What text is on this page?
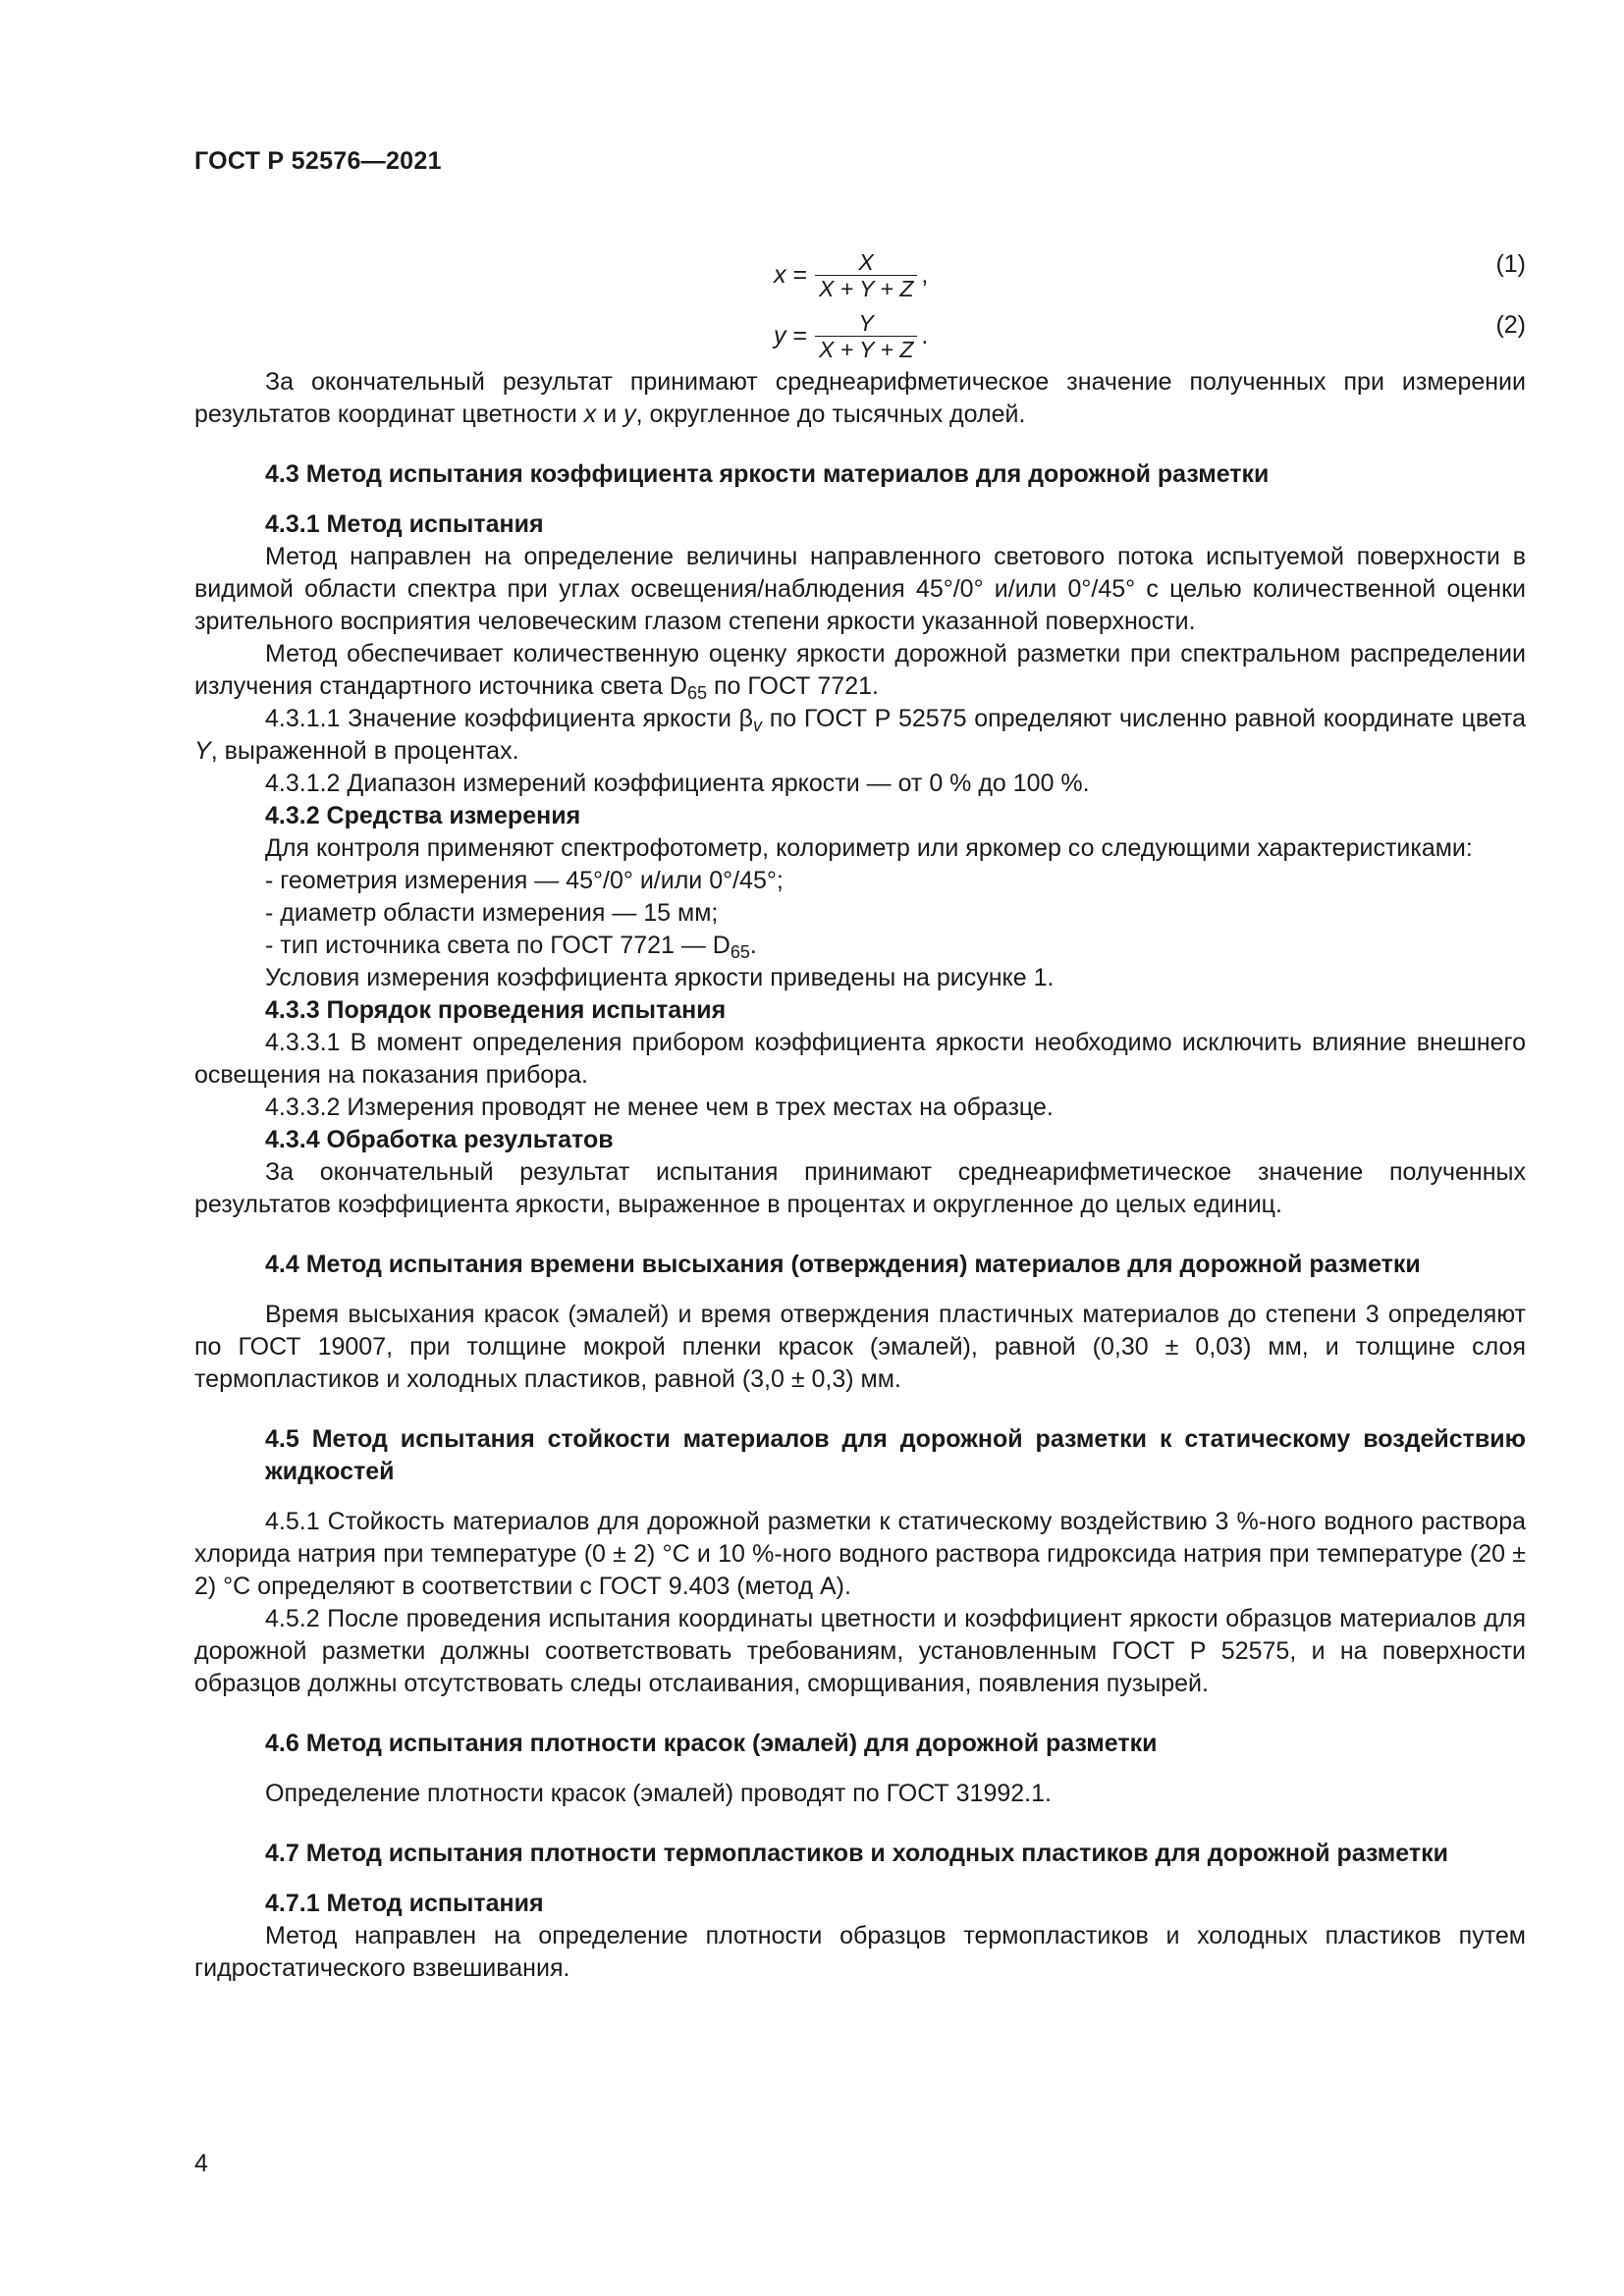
ГОСТ Р 52576—2021
$x = \frac{X}{X + Y + Z}$ ,	(1)
$y = \frac{Y}{X + Y + Z}$ .	(2)

За окончательный результат принимают среднеарифметическое значение полученных при измерении результатов координат цветности x и y, округленное до тысячных долей.

4.3 Метод испытания коэффициента яркости материалов для дорожной разметки

4.3.1 Метод испытания

Метод направлен на определение величины направленного светового потока испытуемой поверхности в видимой области спектра при углах освещения/наблюдения 45°/0° и/или 0°/45° с целью количественной оценки зрительного восприятия человеческим глазом степени яркости указанной поверхности.

Метод обеспечивает количественную оценку яркости дорожной разметки при спектральном распределении излучения стандартного источника света $D_{65}$ по ГОСТ 7721.

4.3.1.1 Значение коэффициента яркости $\beta_v$ по ГОСТ Р 52575 определяют численно равной координате цвета Y, выраженной в процентах.

4.3.1.2 Диапазон измерений коэффициента яркости — от 0 % до 100 %.

4.3.2 Средства измерения

Для контроля применяют спектрофотометр, колориметр или яркомер со следующими характеристиками:

- геометрия измерения — 45°/0° и/или 0°/45°;

- диаметр области измерения — 15 мм;

- тип источника света по ГОСТ 7721 — $D_{65}$.

Условия измерения коэффициента яркости приведены на рисунке 1.

4.3.3 Порядок проведения испытания

4.3.3.1 В момент определения прибором коэффициента яркости необходимо исключить влияние внешнего освещения на показания прибора.

4.3.3.2 Измерения проводят не менее чем в трех местах на образце.

4.3.4 Обработка результатов

За окончательный результат испытания принимают среднеарифметическое значение полученных результатов коэффициента яркости, выраженное в процентах и округленное до целых единиц.

4.4 Метод испытания времени высыхания (отверждения) материалов для дорожной разметки

Время высыхания красок (эмалей) и время отверждения пластичных материалов до степени 3 определяют по ГОСТ 19007, при толщине мокрой пленки красок (эмалей), равной (0,30 ± 0,03) мм, и толщине слоя термопластиков и холодных пластиков, равной (3,0 ± 0,3) мм.

4.5 Метод испытания стойкости материалов для дорожной разметки к статическому воздействию жидкостей

4.5.1 Стойкость материалов для дорожной разметки к статическому воздействию 3 %-ного водного раствора хлорида натрия при температуре (0 ± 2) °С и 10 %-ного водного раствора гидроксида натрия при температуре (20 ± 2) °С определяют в соответствии с ГОСТ 9.403 (метод А).

4.5.2 После проведения испытания координаты цветности и коэффициент яркости образцов материалов для дорожной разметки должны соответствовать требованиям, установленным ГОСТ Р 52575, и на поверхности образцов должны отсутствовать следы отслаивания, сморщивания, появления пузырей.

4.6 Метод испытания плотности красок (эмалей) для дорожной разметки

Определение плотности красок (эмалей) проводят по ГОСТ 31992.1.

4.7 Метод испытания плотности термопластиков и холодных пластиков для дорожной разметки

4.7.1 Метод испытания

Метод направлен на определение плотности образцов термопластиков и холодных пластиков путем гидростатического взвешивания.

4
